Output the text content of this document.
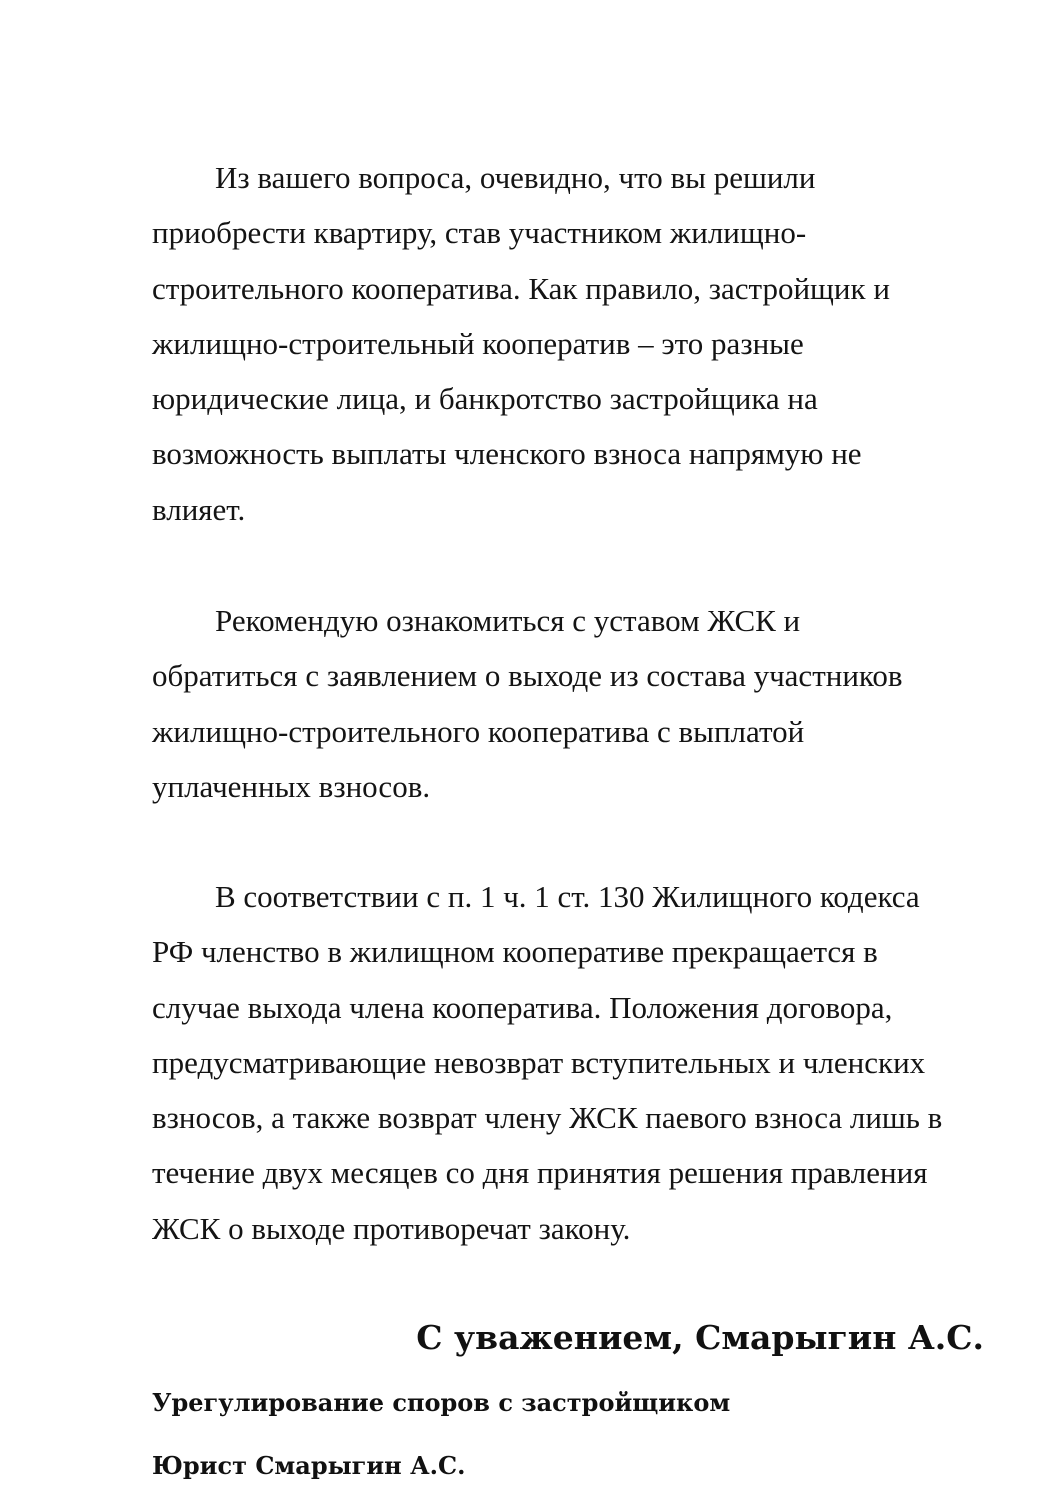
Из вашего вопроса, очевидно, что вы решили
приобрести квартиру, став участником жилищно-
строительного кооператива. Как правило, застройщик и
жилищно-строительный кооператив – это разные
юридические лица, и банкротство застройщика на
возможность выплаты членского взноса напрямую не
влияет.
Рекомендую ознакомиться с уставом ЖСК и
обратиться с заявлением о выходе из состава участников
жилищно-строительного кооператива с выплатой
уплаченных взносов.
В соответствии с п. 1 ч. 1 ст. 130 Жилищного кодекса
РФ членство в жилищном кооперативе прекращается в
случае выхода члена кооператива. Положения договора,
предусматривающие невозврат вступительных и членских
взносов, а также возврат члену ЖСК паевого взноса лишь в
течение двух месяцев со дня принятия решения правления
ЖСК о выходе противоречат закону.
С уважением, Смарыгин А.С.
Урегулирование споров с застройщиком
Юрист Смарыгин А.С.
